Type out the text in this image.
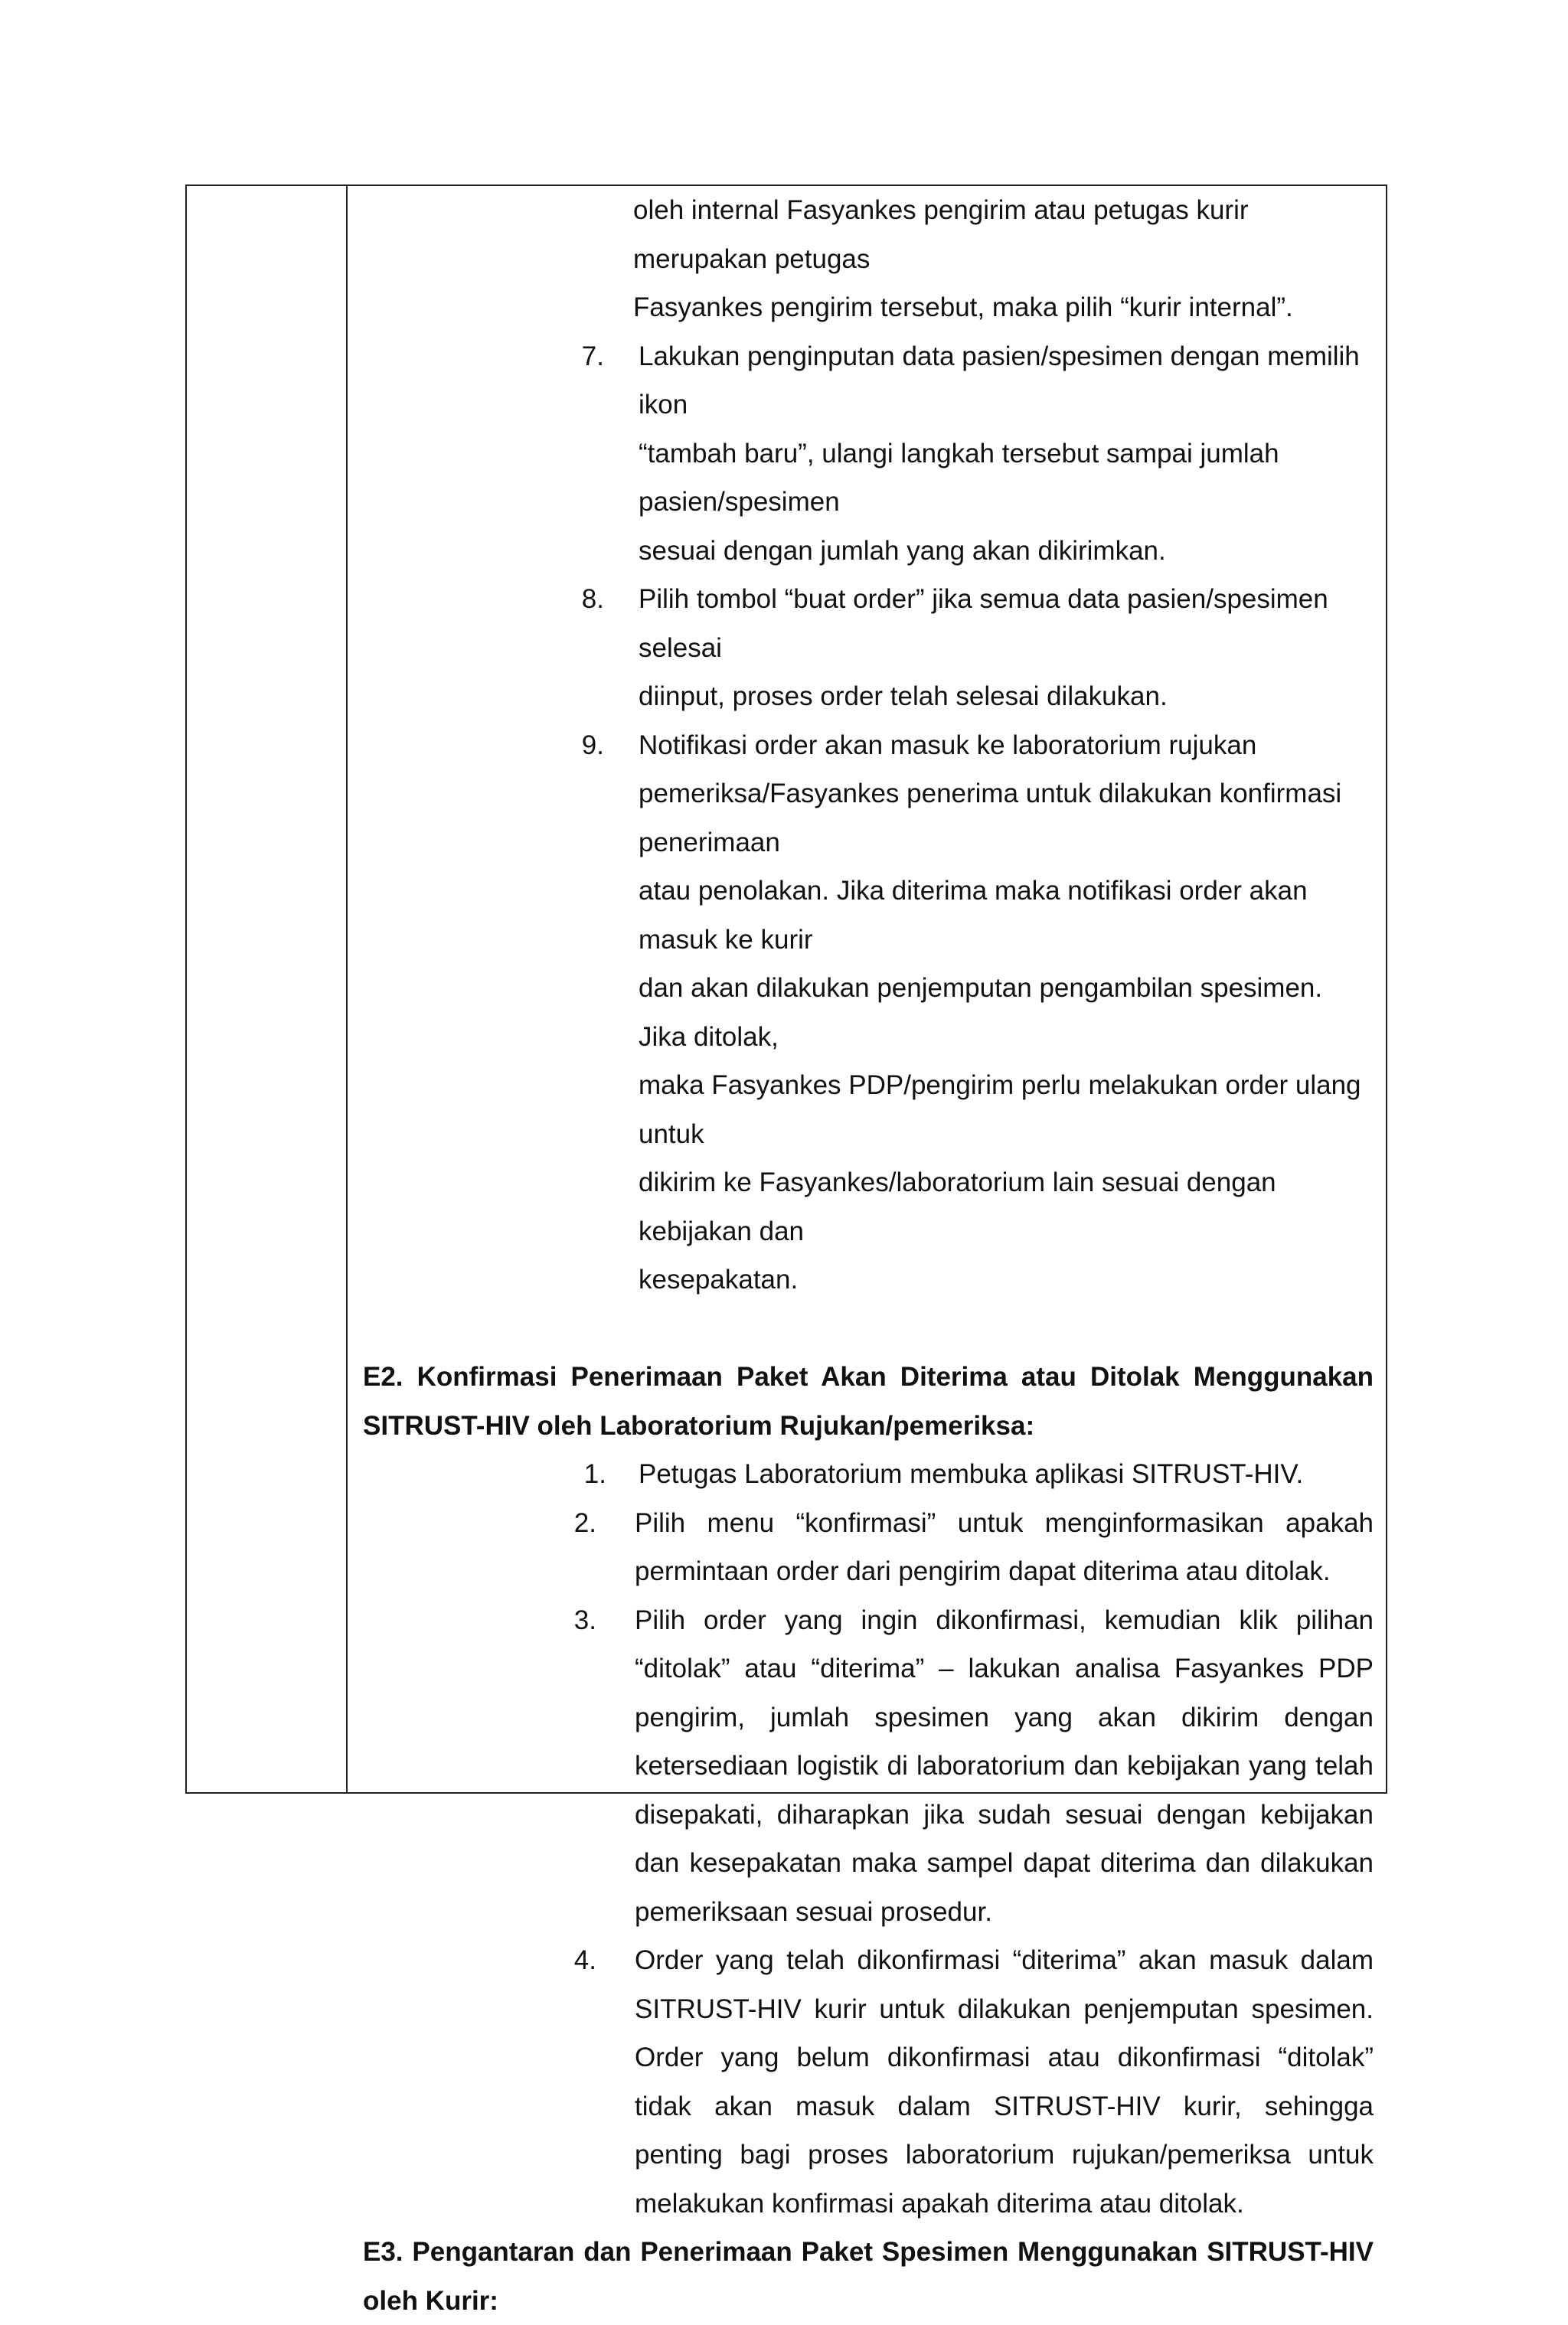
oleh internal Fasyankes pengirim atau petugas kurir merupakan petugas
Fasyankes pengirim tersebut, maka pilih “kurir internal”.
7. Lakukan penginputan data pasien/spesimen dengan memilih ikon
“tambah baru”, ulangi langkah tersebut sampai jumlah pasien/spesimen
sesuai dengan jumlah yang akan dikirimkan.
8. Pilih tombol “buat order” jika semua data pasien/spesimen selesai
diinput, proses order telah selesai dilakukan.
9. Notifikasi order akan masuk ke laboratorium rujukan
pemeriksa/Fasyankes penerima untuk dilakukan konfirmasi penerimaan
atau penolakan. Jika diterima maka notifikasi order akan masuk ke kurir
dan akan dilakukan penjemputan pengambilan spesimen. Jika ditolak,
maka Fasyankes PDP/pengirim perlu melakukan order ulang untuk
dikirim ke Fasyankes/laboratorium lain sesuai dengan kebijakan dan
kesepakatan.
E2. Konfirmasi Penerimaan Paket Akan Diterima atau Ditolak Menggunakan SITRUST-HIV oleh Laboratorium Rujukan/pemeriksa:
1. Petugas Laboratorium membuka aplikasi SITRUST-HIV.
2. Pilih menu “konfirmasi” untuk menginformasikan apakah permintaan order dari pengirim dapat diterima atau ditolak.
3. Pilih order yang ingin dikonfirmasi, kemudian klik pilihan “ditolak” atau “diterima” – lakukan analisa Fasyankes PDP pengirim, jumlah spesimen yang akan dikirim dengan ketersediaan logistik di laboratorium dan kebijakan yang telah disepakati, diharapkan jika sudah sesuai dengan kebijakan dan kesepakatan maka sampel dapat diterima dan dilakukan pemeriksaan sesuai prosedur.
4. Order yang telah dikonfirmasi “diterima” akan masuk dalam SITRUST-HIV kurir untuk dilakukan penjemputan spesimen. Order yang belum dikonfirmasi atau dikonfirmasi “ditolak” tidak akan masuk dalam SITRUST-HIV kurir, sehingga penting bagi proses laboratorium rujukan/pemeriksa untuk melakukan konfirmasi apakah diterima atau ditolak.
E3. Pengantaran dan Penerimaan Paket Spesimen Menggunakan SITRUST-HIV oleh Kurir:
